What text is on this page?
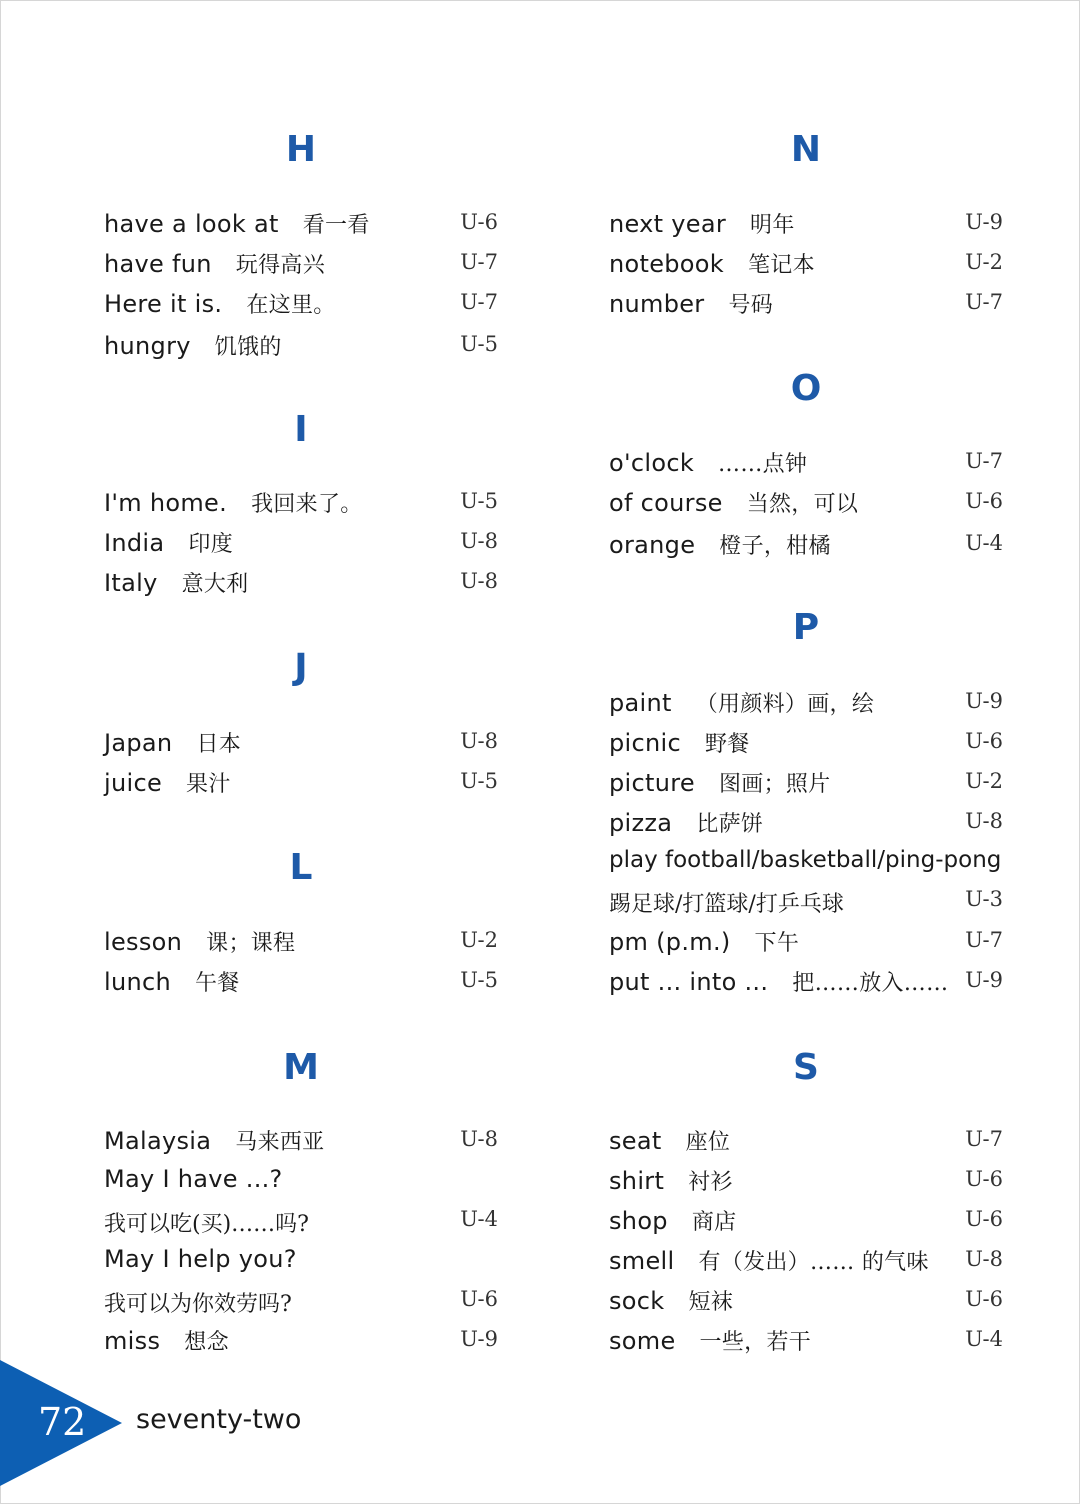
H
have a look at 看一看	U-6
have fun 玩得高兴	U-7
Here it is. 在这里。	U-7
hungry 饥饿的	U-5
I
I'm home. 我回来了。	U-5
India 印度	U-8
Italy 意大利	U-8
J
Japan 日本	U-8
juice 果汁	U-5
L
lesson 课；课程	U-2
lunch 午餐	U-5
M
Malaysia 马来西亚	U-8
May I have ...?
我可以吃(买)……吗?	U-4
May I help you?
我可以为你效劳吗?	U-6
miss 想念	U-9
N
next year 明年	U-9
notebook 笔记本	U-2
number 号码	U-7
O
o'clock ……点钟	U-7
of course 当然，可以	U-6
orange 橙子，柑橘	U-4
P
paint （用颜料）画，绘	U-9
picnic 野餐	U-6
picture 图画；照片	U-2
pizza 比萨饼	U-8
play football/basketball/ping-pong
踢足球/打篮球/打乒乓球	U-3
pm (p.m.) 下午	U-7
put ... into ... 把……放入…… U-9
S
seat 座位	U-7
shirt 衬衫	U-6
shop 商店	U-6
smell 有（发出）…… 的气味 U-8
sock 短袜	U-6
some 一些，若干	U-4
72 seventy-two
